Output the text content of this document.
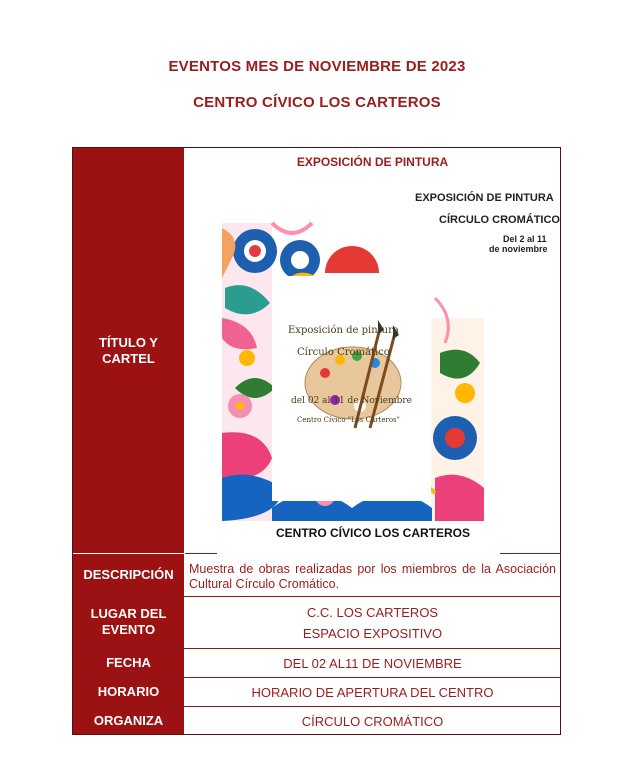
EVENTOS MES DE NOVIEMBRE DE 2023
CENTRO CÍVICO LOS CARTEROS
TÍTULO Y CARTEL
DESCRIPCIÓN
LUGAR DEL
EVENTO
FECHA
HORARIO
ORGANIZA
EXPOSICIÓN DE PINTURA
Muestra de obras realizadas por los miembros de la Asociación Cultural Círculo Cromático.
C.C. LOS CARTEROS
ESPACIO EXPOSITIVO
DEL 02 AL11 DE NOVIEMBRE
HORARIO DE APERTURA DEL CENTRO
CÍRCULO CROMÁTICO
EXPOSICIÓN DE PINTURA
CÍRCULO CROMÁTICO
Del 2 al 11
de noviembre
Exposición de pintura
Círculo Cromático
del 02 al 11 de Noviembre
Centro Cívico "Los Carteros"
CENTRO CÍVICO LOS CARTEROS
